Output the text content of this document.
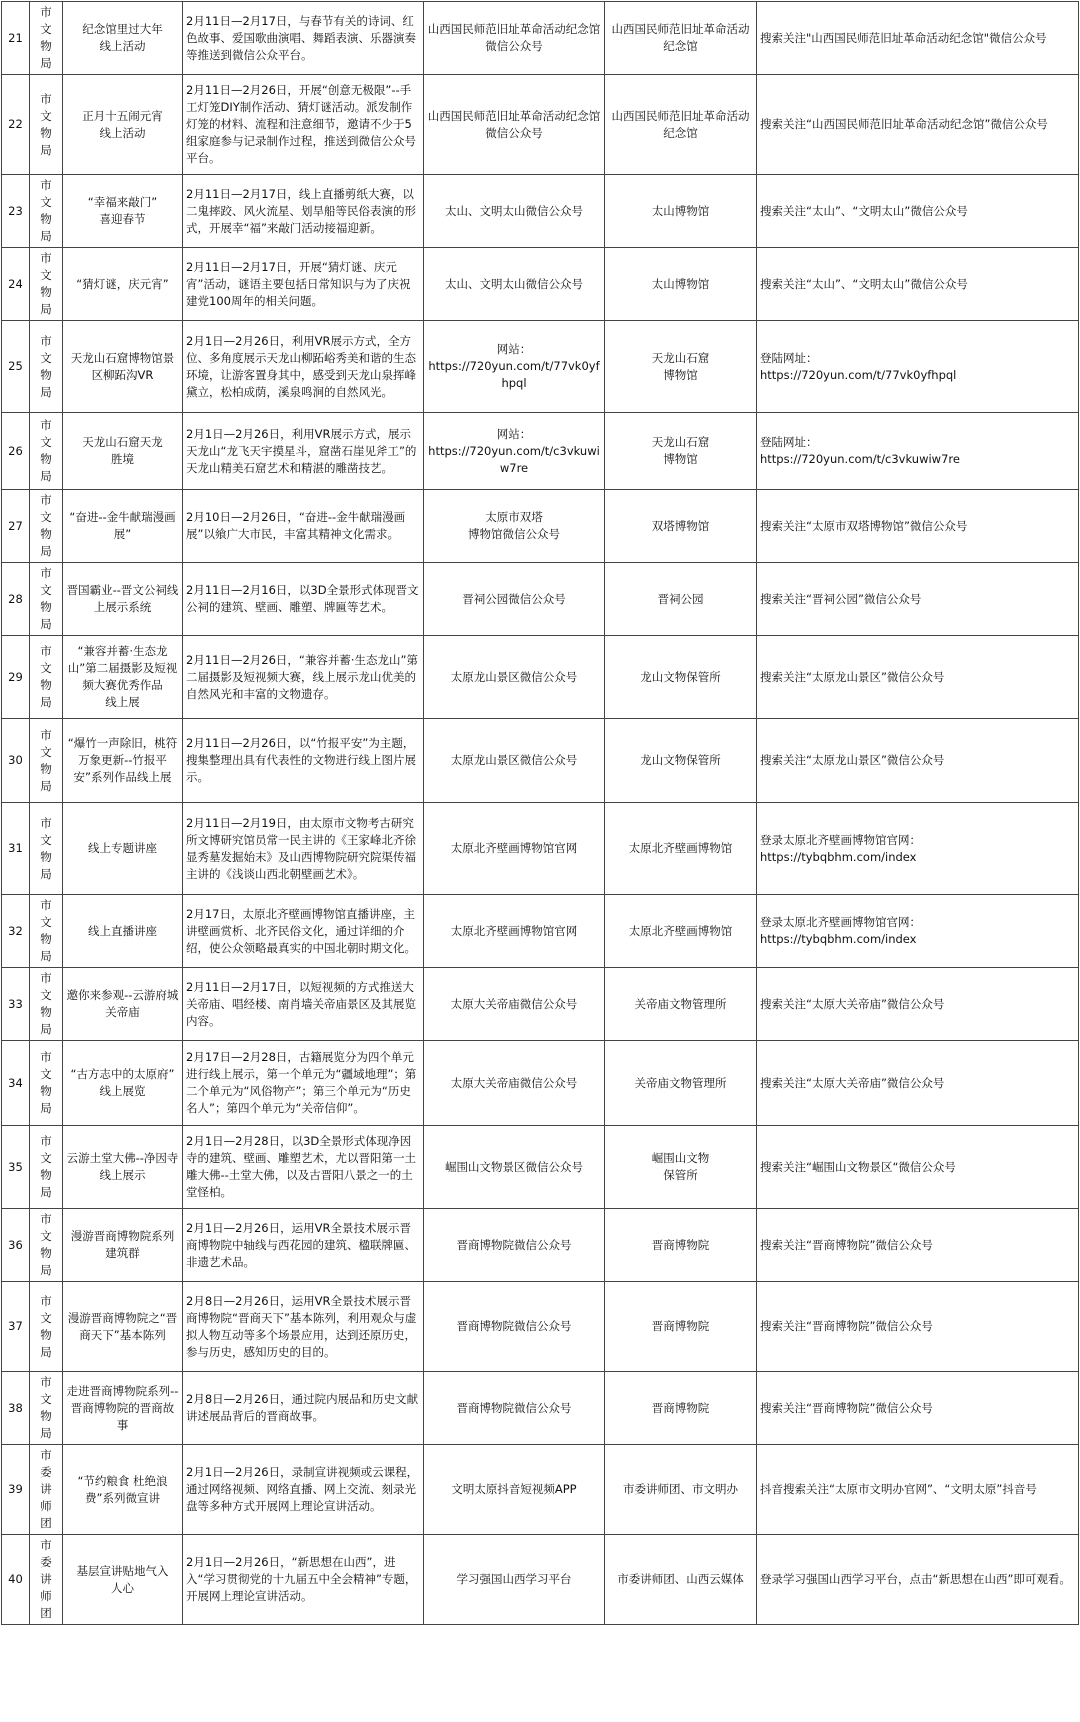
21	市文物局	纪念馆里过大年
线上活动	2月11日—2月17日，与春节有关的诗词、红色故事、爱国歌曲演唱、舞蹈表演、乐器演奏等推送到微信公众平台。	山西国民师范旧址革命活动纪念馆微信公众号	山西国民师范旧址革命活动
纪念馆	搜索关注"山西国民师范旧址革命活动纪念馆"微信公众号

22	市文物局	正月十五闹元宵
线上活动	2月11日—2月26日，开展“创意无极限”--手工灯笼DIY制作活动、猜灯谜活动。派发制作灯笼的材料、流程和注意细节，邀请不少于5组家庭参与记录制作过程，推送到微信公众号平台。	山西国民师范旧址革命活动纪念馆微信公众号	山西国民师范旧址革命活动
纪念馆	搜索关注“山西国民师范旧址革命活动纪念馆”微信公众号

23	市文物局	“幸福来敲门”
喜迎春节	2月11日—2月17日，线上直播剪纸大赛，以二鬼摔跤、风火流星、划旱船等民俗表演的形式，开展幸“福”来敲门活动接福迎新。	太山、文明太山微信公众号	太山博物馆	搜索关注“太山”、“文明太山”微信公众号

24	市文物局	“猜灯谜，庆元宵”	2月11日—2月17日，开展“猜灯谜、庆元宵”活动，谜语主要包括日常知识与为了庆祝建党100周年的相关问题。	太山、文明太山微信公众号	太山博物馆	搜索关注“太山”、“文明太山”微信公众号

25	市文物局	天龙山石窟博物馆景区柳跖沟VR	2月1日—2月26日，利用VR展示方式，全方位、多角度展示天龙山柳跖峪秀美和谐的生态环境，让游客置身其中，感受到天龙山泉挥峰黛立，松柏成荫，溪泉鸣涧的自然风光。	网站：
https://720yun.com/t/77vk0yfhpql	天龙山石窟
博物馆	登陆网址：
https://720yun.com/t/77vk0yfhpql

26	市文物局	天龙山石窟天龙
胜境	2月1日—2月26日，利用VR展示方式，展示天龙山“龙飞天宇摸星斗，窟凿石崖见斧工”的天龙山精美石窟艺术和精湛的雕凿技艺。	网站：
https://720yun.com/t/c3vkuwiw7re	天龙山石窟
博物馆	登陆网址：
https://720yun.com/t/c3vkuwiw7re

27	市文物局	“奋进--金牛献瑞漫画展”	2月10日—2月26日，“奋进--金牛献瑞漫画展”以飨广大市民，丰富其精神文化需求。	太原市双塔
博物馆微信公众号	双塔博物馆	搜索关注“太原市双塔博物馆”微信公众号

28	市文物局	晋国霸业--晋文公祠线上展示系统	2月11日—2月16日，以3D全景形式体现晋文公祠的建筑、壁画、雕塑、牌匾等艺术。	晋祠公园微信公众号	晋祠公园	搜索关注“晋祠公园”微信公众号

29	市文物局	“兼容并蓄·生态龙山”第二届摄影及短视频大赛优秀作品
线上展	2月11日—2月26日，“兼容并蓄·生态龙山”第二届摄影及短视频大赛，线上展示龙山优美的自然风光和丰富的文物遗存。	太原龙山景区微信公众号	龙山文物保管所	搜索关注“太原龙山景区”微信公众号

30	市文物局	“爆竹一声除旧，桃符万象更新--竹报平安”系列作品线上展	2月11日—2月26日，以“竹报平安”为主题，搜集整理出具有代表性的文物进行线上图片展示。	太原龙山景区微信公众号	龙山文物保管所	搜索关注“太原龙山景区”微信公众号

31	市文物局	线上专题讲座	2月11日—2月19日，由太原市文物考古研究所文博研究馆员常一民主讲的《王家峰北齐徐显秀墓发掘始末》及山西博物院研究院渠传福主讲的《浅谈山西北朝壁画艺术》。	太原北齐壁画博物馆官网	太原北齐壁画博物馆	登录太原北齐壁画博物馆官网：
https://tybqbhm.com/index

32	市文物局	线上直播讲座	2月17日，太原北齐壁画博物馆直播讲座，主讲壁画赏析、北齐民俗文化，通过详细的介绍，使公众领略最真实的中国北朝时期文化。	太原北齐壁画博物馆官网	太原北齐壁画博物馆	登录太原北齐壁画博物馆官网：
https://tybqbhm.com/index

33	市文物局	邀你来参观--云游府城关帝庙	2月11日—2月17日，以短视频的方式推送大关帝庙、唱经楼、南肖墙关帝庙景区及其展览内容。	太原大关帝庙微信公众号	关帝庙文物管理所	搜索关注“太原大关帝庙”微信公众号

34	市文物局	“古方志中的太原府”
线上展览	2月17日—2月28日，古籍展览分为四个单元进行线上展示，第一个单元为“疆域地理”；第二个单元为“风俗物产”；第三个单元为“历史名人”；第四个单元为“关帝信仰”。	太原大关帝庙微信公众号	关帝庙文物管理所	搜索关注“太原大关帝庙”微信公众号

35	市文物局	云游土堂大佛--净因寺线上展示	2月1日—2月28日，以3D全景形式体现净因寺的建筑、壁画、雕塑艺术，尤以晋阳第一土雕大佛--土堂大佛，以及古晋阳八景之一的土堂怪柏。	崛围山文物景区微信公众号	崛围山文物
保管所	搜索关注“崛围山文物景区“微信公众号

36	市文物局	漫游晋商博物院系列建筑群	2月1日—2月26日，运用VR全景技术展示晋商博物院中轴线与西花园的建筑、楹联牌匾、非遗艺术品。	晋商博物院微信公众号	晋商博物院	搜索关注“晋商博物院”微信公众号

37	市文物局	漫游晋商博物院之“晋商天下”基本陈列	2月8日—2月26日，运用VR全景技术展示晋商博物院“晋商天下”基本陈列，利用观众与虚拟人物互动等多个场景应用，达到还原历史，参与历史，感知历史的目的。	晋商博物院微信公众号	晋商博物院	搜索关注“晋商博物院”微信公众号

38	市文物局	走进晋商博物院系列--晋商博物院的晋商故事	2月8日—2月26日，通过院内展品和历史文献讲述展品背后的晋商故事。	晋商博物院微信公众号	晋商博物院	搜索关注“晋商博物院”微信公众号

39	市委讲师团	“节约粮食 杜绝浪费”系列微宣讲	2月1日—2月26日，录制宣讲视频或云课程，通过网络视频、网络直播、网上交流、刻录光盘等多种方式开展网上理论宣讲活动。	文明太原抖音短视频APP	市委讲师团、市文明办	抖音搜索关注“太原市文明办官网”、“文明太原”抖音号

40	市委讲师团	基层宣讲贴地气入
人心	2月1日—2月26日，“新思想在山西”，进入“学习贯彻党的十九届五中全会精神”专题，开展网上理论宣讲活动。	学习强国山西学习平台	市委讲师团、山西云媒体	登录学习强国山西学习平台，点击“新思想在山西”即可观看。
